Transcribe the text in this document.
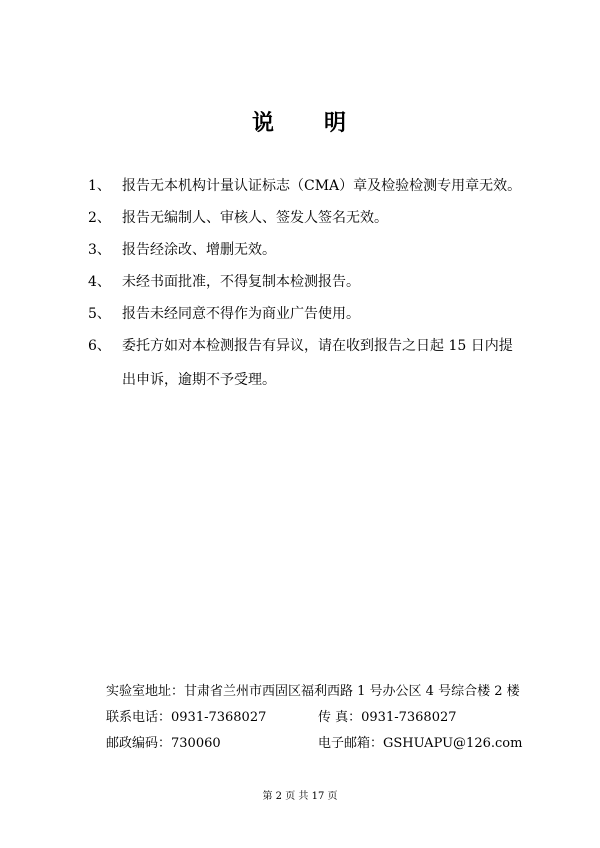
说 明
1、 报告无本机构计量认证标志（CMA）章及检验检测专用章无效。
2、 报告无编制人、审核人、签发人签名无效。
3、 报告经涂改、增删无效。
4、 未经书面批准，不得复制本检测报告。
5、 报告未经同意不得作为商业广告使用。
6、 委托方如对本检测报告有异议，请在收到报告之日起 15 日内提
出申诉，逾期不予受理。
实验室地址：甘肃省兰州市西固区福利西路 1 号办公区 4 号综合楼 2 楼
联系电话：0931-7368027	传 真：0931-7368027
邮政编码：730060	电子邮箱：GSHUAPU@126.com
第 2 页 共 17 页
